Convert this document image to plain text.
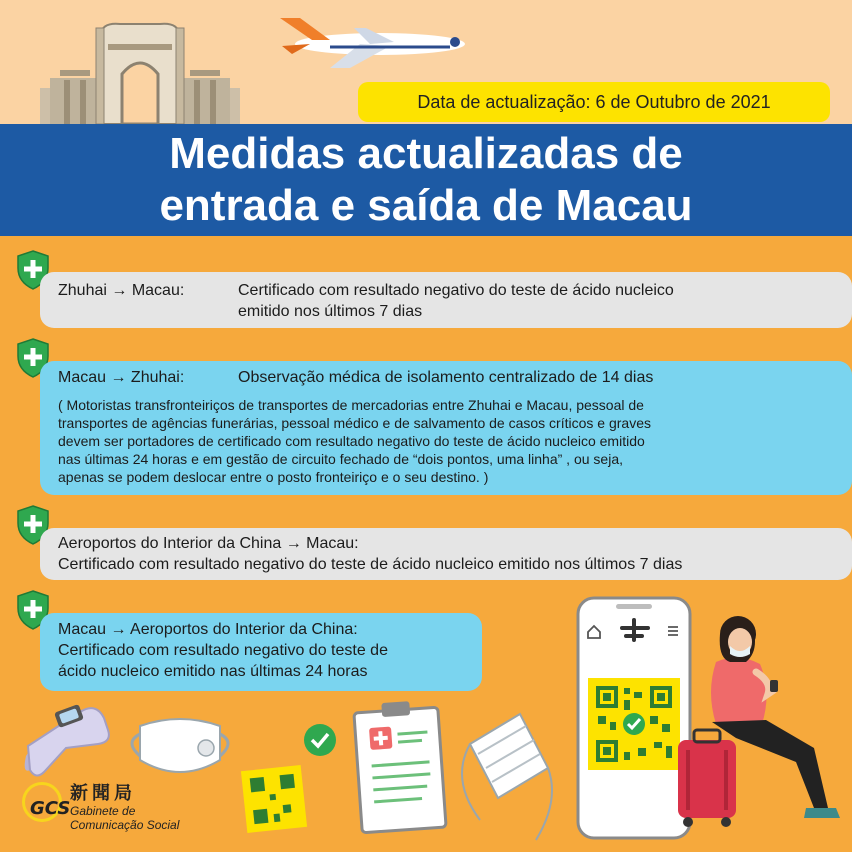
Data de actualização: 6 de Outubro de 2021
Medidas actualizadas de
entrada e saída de Macau
Zhuhai → Macau:	Certificado com resultado negativo do teste de ácido nucleico
emitido nos últimos 7 dias
Macau → Zhuhai:	Observação médica de isolamento centralizado de 14 dias
( Motoristas transfronteiriços de transportes de mercadorias entre Zhuhai e Macau, pessoal de
transportes de agências funerárias, pessoal médico e de salvamento de casos críticos e graves
devem ser portadores de certificado com resultado negativo do teste de ácido nucleico emitido
nas últimas 24 horas e em gestão de circuito fechado de “dois pontos, uma linha” , ou seja,
apenas se podem deslocar entre o posto fronteiriço e o seu destino. )
Aeroportos do Interior da China → Macau:
Certificado com resultado negativo do teste de ácido nucleico emitido nos últimos 7 dias
Macau → Aeroportos do Interior da China:
Certificado com resultado negativo do teste de
ácido nucleico emitido nas últimas 24 horas
GCS
新聞局
Gabinete de
Comunicação Social
